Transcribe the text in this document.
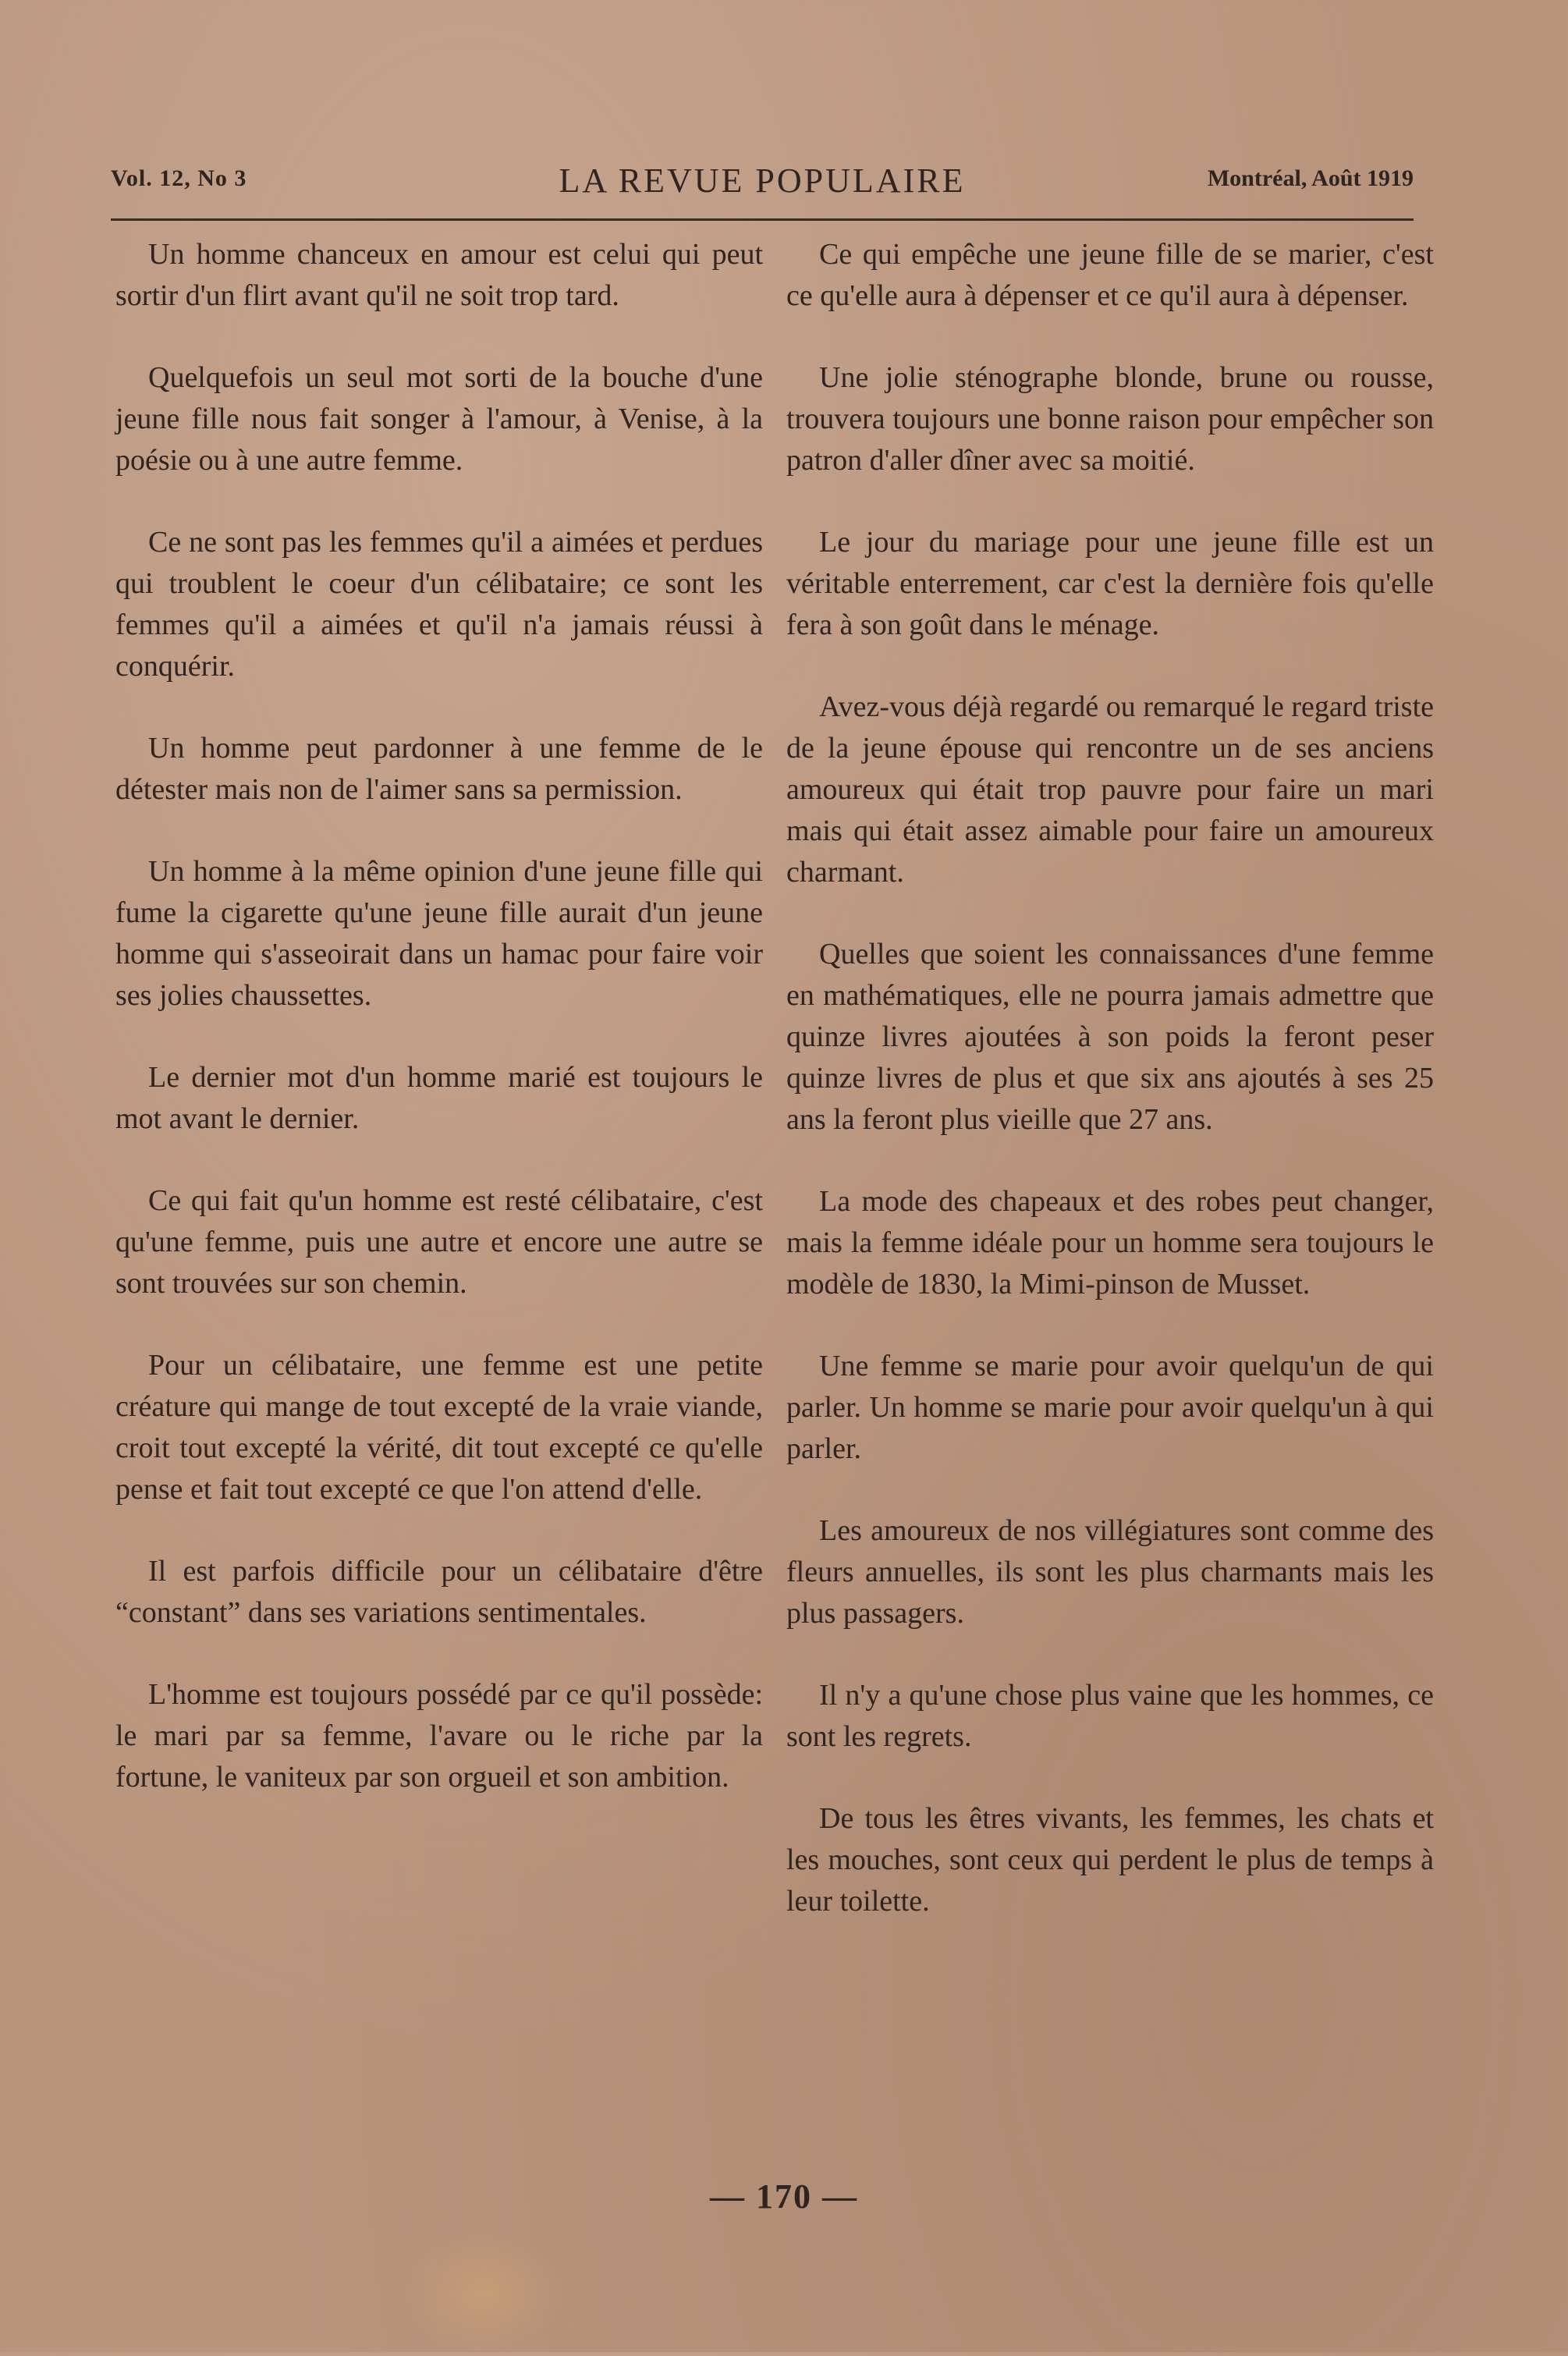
Vol. 12, No 3	LA REVUE POPULAIRE	Montréal, Août 1919

Un homme chanceux en amour est celui qui peut sortir d'un flirt avant qu'il ne soit trop tard.

Quelquefois un seul mot sorti de la bouche d'une jeune fille nous fait songer à l'amour, à Venise, à la poésie ou à une autre femme.

Ce ne sont pas les femmes qu'il a aimées et perdues qui troublent le coeur d'un célibataire; ce sont les femmes qu'il a aimées et qu'il n'a jamais réussi à conquérir.

Un homme peut pardonner à une femme de le détester mais non de l'aimer sans sa permission.

Un homme à la même opinion d'une jeune fille qui fume la cigarette qu'une jeune fille aurait d'un jeune homme qui s'asseoirait dans un hamac pour faire voir ses jolies chaussettes.

Le dernier mot d'un homme marié est toujours le mot avant le dernier.

Ce qui fait qu'un homme est resté célibataire, c'est qu'une femme, puis une autre et encore une autre se sont trouvées sur son chemin.

Pour un célibataire, une femme est une petite créature qui mange de tout excepté de la vraie viande, croit tout excepté la vérité, dit tout excepté ce qu'elle pense et fait tout excepté ce que l'on attend d'elle.

Il est parfois difficile pour un célibataire d'être “constant” dans ses variations sentimentales.

L'homme est toujours possédé par ce qu'il possède: le mari par sa femme, l'avare ou le riche par la fortune, le vaniteux par son orgueil et son ambition.

Ce qui empêche une jeune fille de se marier, c'est ce qu'elle aura à dépenser et ce qu'il aura à dépenser.

Une jolie sténographe blonde, brune ou rousse, trouvera toujours une bonne raison pour empêcher son patron d'aller dîner avec sa moitié.

Le jour du mariage pour une jeune fille est un véritable enterrement, car c'est la dernière fois qu'elle fera à son goût dans le ménage.

Avez-vous déjà regardé ou remarqué le regard triste de la jeune épouse qui rencontre un de ses anciens amoureux qui était trop pauvre pour faire un mari mais qui était assez aimable pour faire un amoureux charmant.

Quelles que soient les connaissances d'une femme en mathématiques, elle ne pourra jamais admettre que quinze livres ajoutées à son poids la feront peser quinze livres de plus et que six ans ajoutés à ses 25 ans la feront plus vieille que 27 ans.

La mode des chapeaux et des robes peut changer, mais la femme idéale pour un homme sera toujours le modèle de 1830, la Mimi-pinson de Musset.

Une femme se marie pour avoir quelqu'un de qui parler. Un homme se marie pour avoir quelqu'un à qui parler.

Les amoureux de nos villégiatures sont comme des fleurs annuelles, ils sont les plus charmants mais les plus passagers.

Il n'y a qu'une chose plus vaine que les hommes, ce sont les regrets.

De tous les êtres vivants, les femmes, les chats et les mouches, sont ceux qui perdent le plus de temps à leur toilette.

— 170 —
